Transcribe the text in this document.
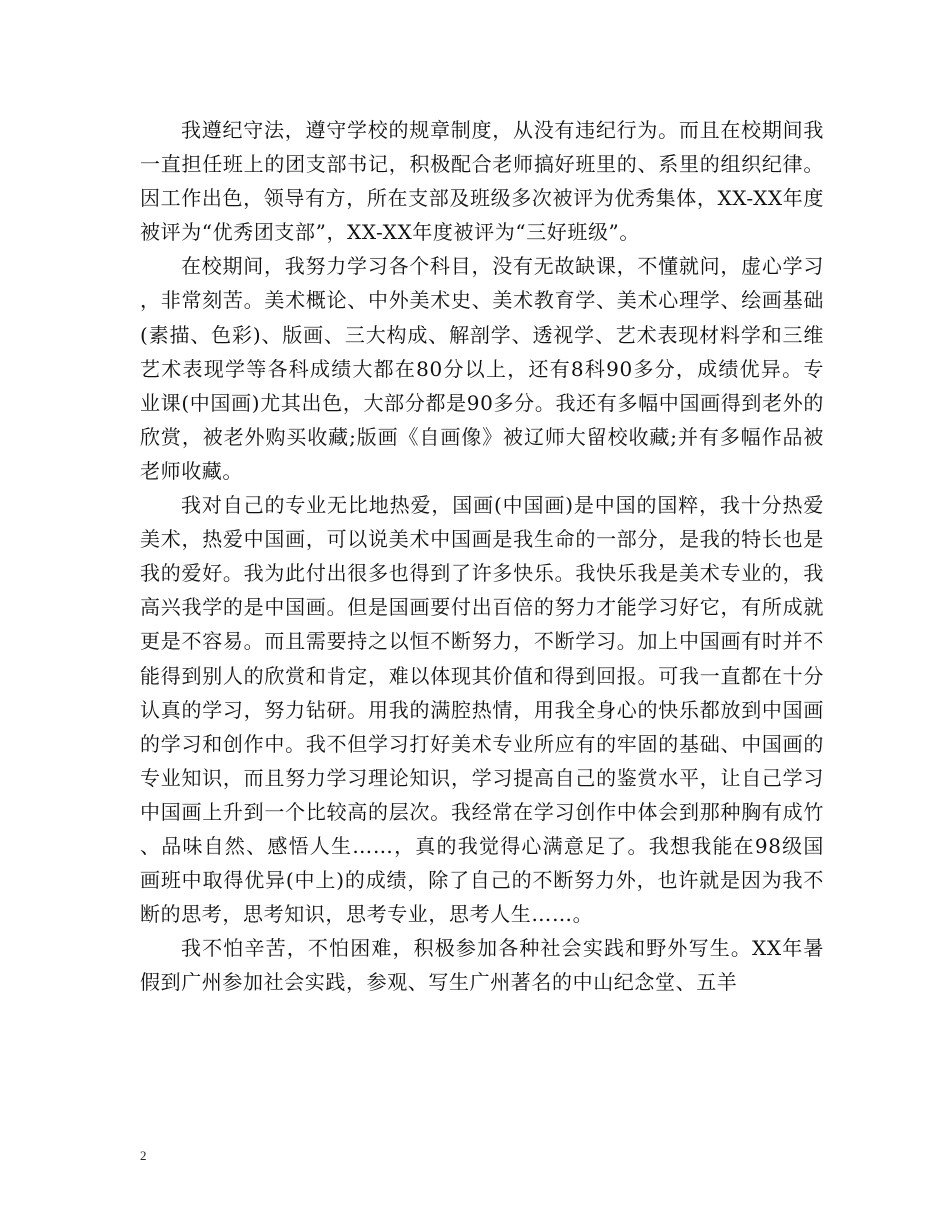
我遵纪守法，遵守学校的规章制度，从没有违纪行为。而且在校期间我一直担任班上的团支部书记，积极配合老师搞好班里的、系里的组织纪律。因工作出色，领导有方，所在支部及班级多次被评为优秀集体，XX-XX年度被评为“优秀团支部”，XX-XX年度被评为“三好班级”。

在校期间，我努力学习各个科目，没有无故缺课，不懂就问，虚心学习，非常刻苦。美术概论、中外美术史、美术教育学、美术心理学、绘画基础(素描、色彩)、版画、三大构成、解剖学、透视学、艺术表现材料学和三维艺术表现学等各科成绩大都在80分以上，还有8科90多分，成绩优异。专业课(中国画)尤其出色，大部分都是90多分。我还有多幅中国画得到老外的欣赏，被老外购买收藏;版画《自画像》被辽师大留校收藏;并有多幅作品被老师收藏。

我对自己的专业无比地热爱，国画(中国画)是中国的国粹，我十分热爱美术，热爱中国画，可以说美术中国画是我生命的一部分，是我的特长也是我的爱好。我为此付出很多也得到了许多快乐。我快乐我是美术专业的，我高兴我学的是中国画。但是国画要付出百倍的努力才能学习好它，有所成就更是不容易。而且需要持之以恒不断努力，不断学习。加上中国画有时并不能得到别人的欣赏和肯定，难以体现其价值和得到回报。可我一直都在十分认真的学习，努力钻研。用我的满腔热情，用我全身心的快乐都放到中国画的学习和创作中。我不但学习打好美术专业所应有的牢固的基础、中国画的专业知识，而且努力学习理论知识，学习提高自己的鉴赏水平，让自己学习中国画上升到一个比较高的层次。我经常在学习创作中体会到那种胸有成竹、品味自然、感悟人生……，真的我觉得心满意足了。我想我能在98级国画班中取得优异(中上)的成绩，除了自己的不断努力外，也许就是因为我不断的思考，思考知识，思考专业，思考人生……。

我不怕辛苦，不怕困难，积极参加各种社会实践和野外写生。XX年暑假到广州参加社会实践，参观、写生广州著名的中山纪念堂、五羊

2
